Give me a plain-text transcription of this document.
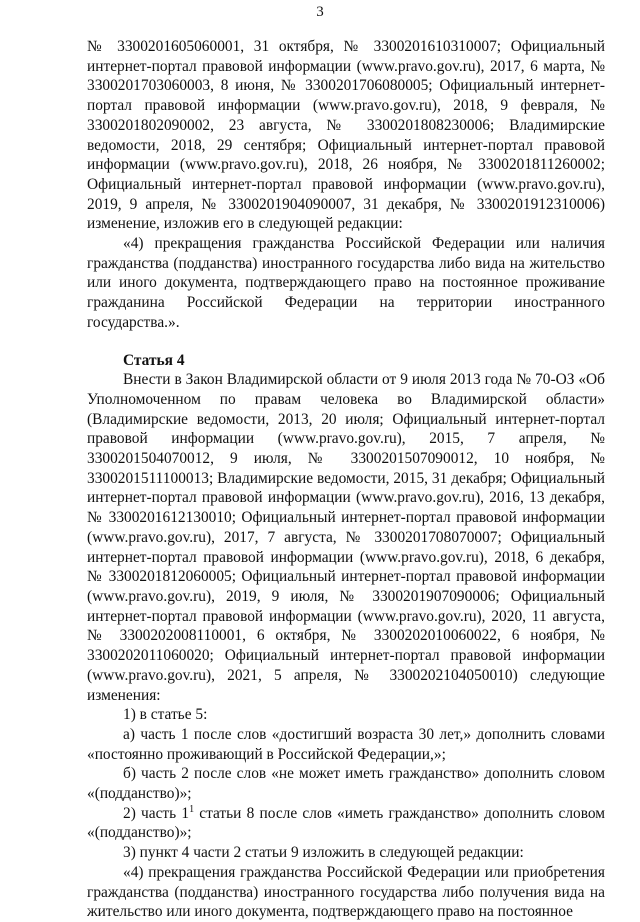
3

№ 3300201605060001, 31 октября, № 3300201610310007; Официальный интернет-портал правовой информации (www.pravo.gov.ru), 2017, 6 марта, № 3300201703060003, 8 июня, № 3300201706080005; Официальный интернет-портал правовой информации (www.pravo.gov.ru), 2018, 9 февраля, № 3300201802090002, 23 августа, № 3300201808230006; Владимирские ведомости, 2018, 29 сентября; Официальный интернет-портал правовой информации (www.pravo.gov.ru), 2018, 26 ноября, № 3300201811260002; Официальный интернет-портал правовой информации (www.pravo.gov.ru), 2019, 9 апреля, № 3300201904090007, 31 декабря, № 3300201912310006) изменение, изложив его в следующей редакции:

«4) прекращения гражданства Российской Федерации или наличия гражданства (подданства) иностранного государства либо вида на жительство или иного документа, подтверждающего право на постоянное проживание гражданина Российской Федерации на территории иностранного государства.».

Статья 4

Внести в Закон Владимирской области от 9 июля 2013 года № 70-ОЗ «Об Уполномоченном по правам человека во Владимирской области» (Владимирские ведомости, 2013, 20 июля; Официальный интернет-портал правовой информации (www.pravo.gov.ru), 2015, 7 апреля, № 3300201504070012, 9 июля, № 3300201507090012, 10 ноября, № 3300201511100013; Владимирские ведомости, 2015, 31 декабря; Официальный интернет-портал правовой информации (www.pravo.gov.ru), 2016, 13 декабря, № 3300201612130010; Официальный интернет-портал правовой информации (www.pravo.gov.ru), 2017, 7 августа, № 3300201708070007; Официальный интернет-портал правовой информации (www.pravo.gov.ru), 2018, 6 декабря, № 3300201812060005; Официальный интернет-портал правовой информации (www.pravo.gov.ru), 2019, 9 июля, № 3300201907090006; Официальный интернет-портал правовой информации (www.pravo.gov.ru), 2020, 11 августа, № 3300202008110001, 6 октября, № 3300202010060022, 6 ноября, № 3300202011060020; Официальный интернет-портал правовой информации (www.pravo.gov.ru), 2021, 5 апреля, № 3300202104050010) следующие изменения:

1) в статье 5:

а) часть 1 после слов «достигший возраста 30 лет,» дополнить словами «постоянно проживающий в Российской Федерации,»;

б) часть 2 после слов «не может иметь гражданство» дополнить словом «(подданство)»;

2) часть $1^1$ статьи 8 после слов «иметь гражданство» дополнить словом «(подданство)»;

3) пункт 4 части 2 статьи 9 изложить в следующей редакции:

«4) прекращения гражданства Российской Федерации или приобретения гражданства (подданства) иностранного государства либо получения вида на жительство или иного документа, подтверждающего право на постоянное
